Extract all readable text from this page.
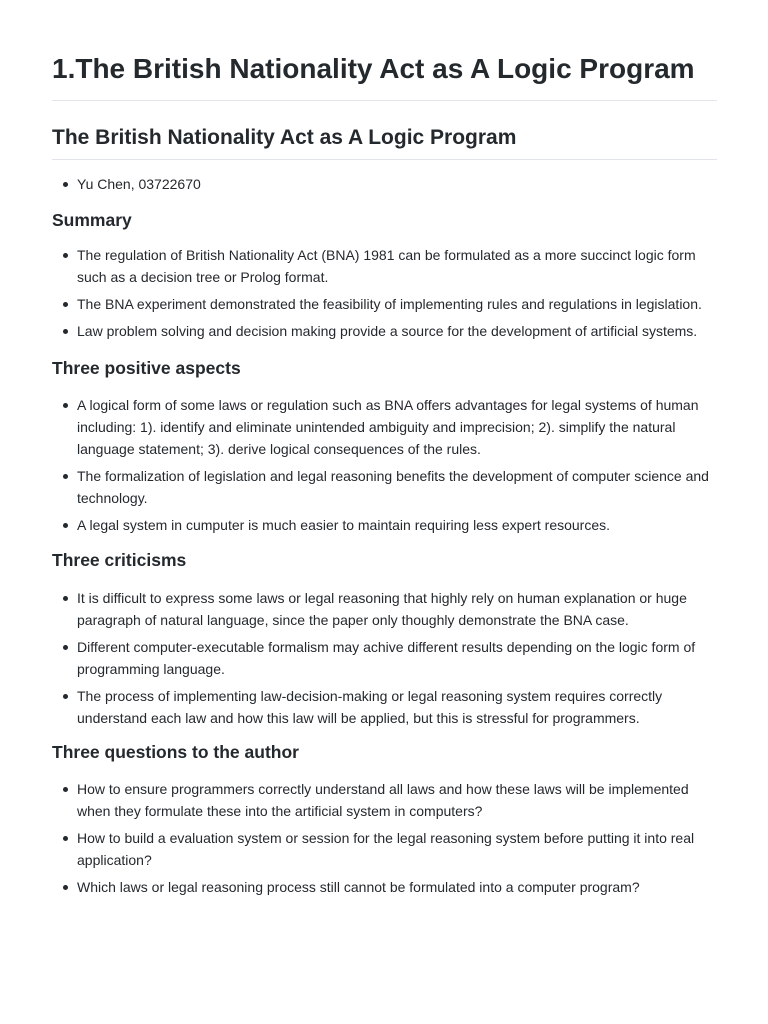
1.The British Nationality Act as A Logic Program
The British Nationality Act as A Logic Program
Yu Chen, 03722670
Summary
The regulation of British Nationality Act (BNA) 1981 can be formulated as a more succinct logic form such as a decision tree or Prolog format.
The BNA experiment demonstrated the feasibility of implementing rules and regulations in legislation.
Law problem solving and decision making provide a source for the development of artificial systems.
Three positive aspects
A logical form of some laws or regulation such as BNA offers advantages for legal systems of human including: 1). identify and eliminate unintended ambiguity and imprecision; 2). simplify the natural language statement; 3). derive logical consequences of the rules.
The formalization of legislation and legal reasoning benefits the development of computer science and technology.
A legal system in cumputer is much easier to maintain requiring less expert resources.
Three criticisms
It is difficult to express some laws or legal reasoning that highly rely on human explanation or huge paragraph of natural language, since the paper only thoughly demonstrate the BNA case.
Different computer-executable formalism may achive different results depending on the logic form of programming language.
The process of implementing law-decision-making or legal reasoning system requires correctly understand each law and how this law will be applied, but this is stressful for programmers.
Three questions to the author
How to ensure programmers correctly understand all laws and how these laws will be implemented when they formulate these into the artificial system in computers?
How to build a evaluation system or session for the legal reasoning system before putting it into real application?
Which laws or legal reasoning process still cannot be formulated into a computer program?
